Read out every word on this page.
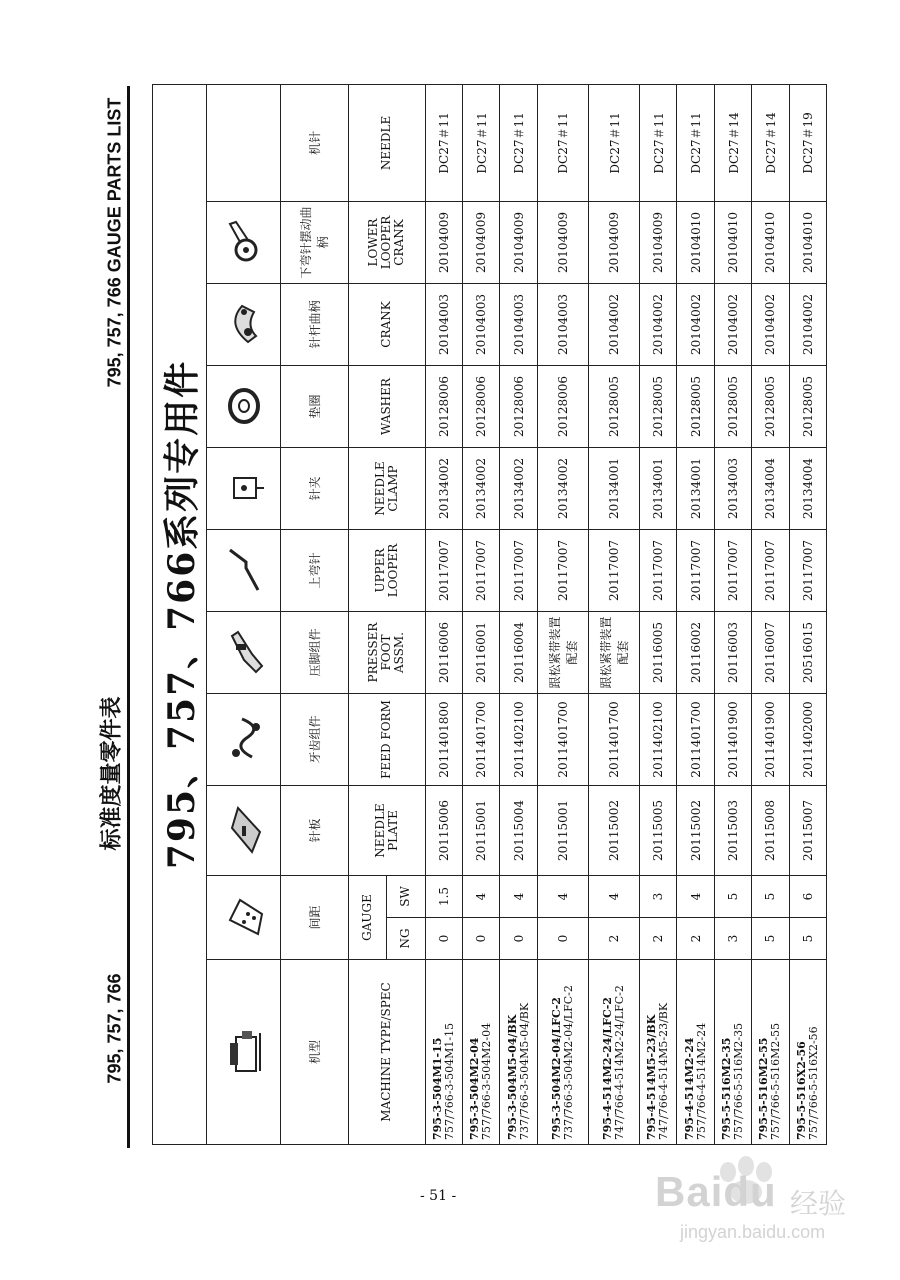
795, 757, 766
标准度量零件表
795, 757, 766 GAUGE PARTS LIST
795、757、766系列专用件											

机型	间距		针板	牙齿组件	压脚组件	上弯针	针夹	垫圈	针杆曲柄	下弯针摆动曲柄	机针
MACHINE TYPE/SPEC	GAUGE		NEEDLE PLATE	FEED FORM	PRESSER FOOT ASSM.	UPPER LOOPER	NEEDLE CLAMP	WASHER	CRANK	LOWER LOOPER CRANK	NEEDLE
	NG	SW									

795-3-504M1-15 757/766-3-504M1-15	0	1.5	20115006	2011401800	20116006	20117007	20134002	20128006	20104003	20104009	DC27＃11

795-3-504M2-04 757/766-3-504M2-04	0	4	20115001	2011401700	20116001	20117007	20134002	20128006	20104003	20104009	DC27＃11

795-3-504M5-04/BK 737/766-3-504M5-04/BK	0	4	20115004	2011402100	20116004	20117007	20134002	20128006	20104003	20104009	DC27＃11

795-3-504M2-04/LFC-2 737/766-3-504M2-04/LFC-2	0	4	20115001	2011401700	跟松紧带装置配套	20117007	20134002	20128006	20104003	20104009	DC27＃11

795-4-514M2-24/LFC-2 747/766-4-514M2-24/LFC-2	2	4	20115002	2011401700	跟松紧带装置配套	20117007	20134001	20128005	20104002	20104009	DC27＃11

795-4-514M5-23/BK 747/766-4-514M5-23/BK	2	3	20115005	2011402100	20116005	20117007	20134001	20128005	20104002	20104009	DC27＃11

795-4-514M2-24 757/766-4-514M2-24	2	4	20115002	2011401700	20116002	20117007	20134001	20128005	20104002	20104010	DC27＃11

795-5-516M2-35 757/766-5-516M2-35	3	5	20115003	2011401900	20116003	20117007	20134003	20128005	20104002	20104010	DC27＃14

795-5-516M2-55 757/766-5-516M2-55	5	5	20115008	2011401900	20116007	20117007	20134004	20128005	20104002	20104010	DC27＃14

795-5-516X2-56 757/766-5-516X2-56	5	6	20115007	2011402000	20516015	20117007	20134004	20128005	20104002	20104010	DC27＃19
- 51 -	Baidu 经验
jingyan.baidu.com
